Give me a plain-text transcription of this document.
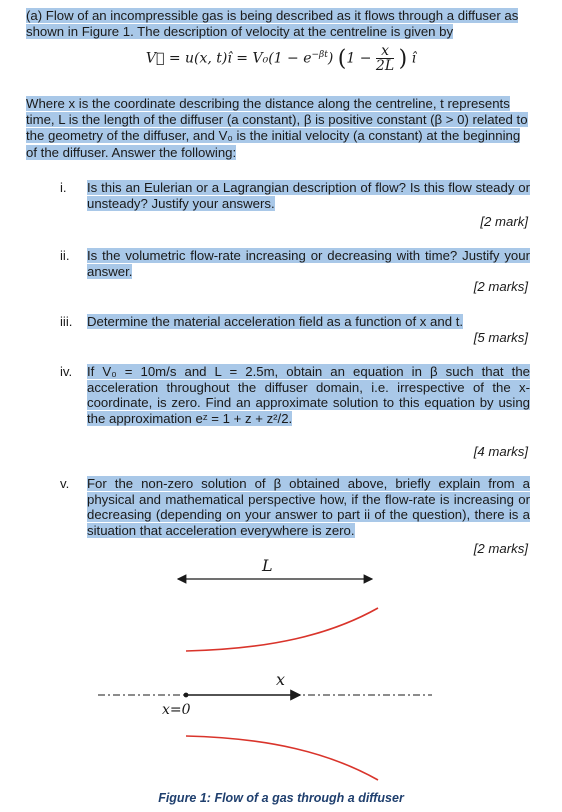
(a) Flow of an incompressible gas is being described as it flows through a diffuser as shown in Figure 1. The description of velocity at the centreline is given by
V⃗ = u(x, t)î = $V_0(1 - e^{-\beta t})$ ($1 - \frac{x}{2L}$ ) î
Where x is the coordinate describing the distance along the centreline, t represents time, L is the length of the diffuser (a constant), β is positive constant (β > 0) related to the geometry of the diffuser, and V₀ is the initial velocity (a constant) at the beginning of the diffuser. Answer the following:
i. Is this an Eulerian or a Lagrangian description of flow? Is this flow steady or unsteady? Justify your answers.
[2 mark]
ii. Is the volumetric flow-rate increasing or decreasing with time? Justify your answer.
[2 marks]
iii. Determine the material acceleration field as a function of x and t.
[5 marks]
iv. If V₀ = 10m/s and L = 2.5m, obtain an equation in β such that the acceleration throughout the diffuser domain, i.e. irrespective of the x-coordinate, is zero. Find an approximate solution to this equation by using the approximation eᶻ = 1 + z + z²/2.
[4 marks]
v. For the non-zero solution of β obtained above, briefly explain from a physical and mathematical perspective how, if the flow-rate is increasing or decreasing (depending on your answer to part ii of the question), there is a situation that acceleration everywhere is zero.
[2 marks]
L
x
x=0
Figure 1: Flow of a gas through a diffuser
